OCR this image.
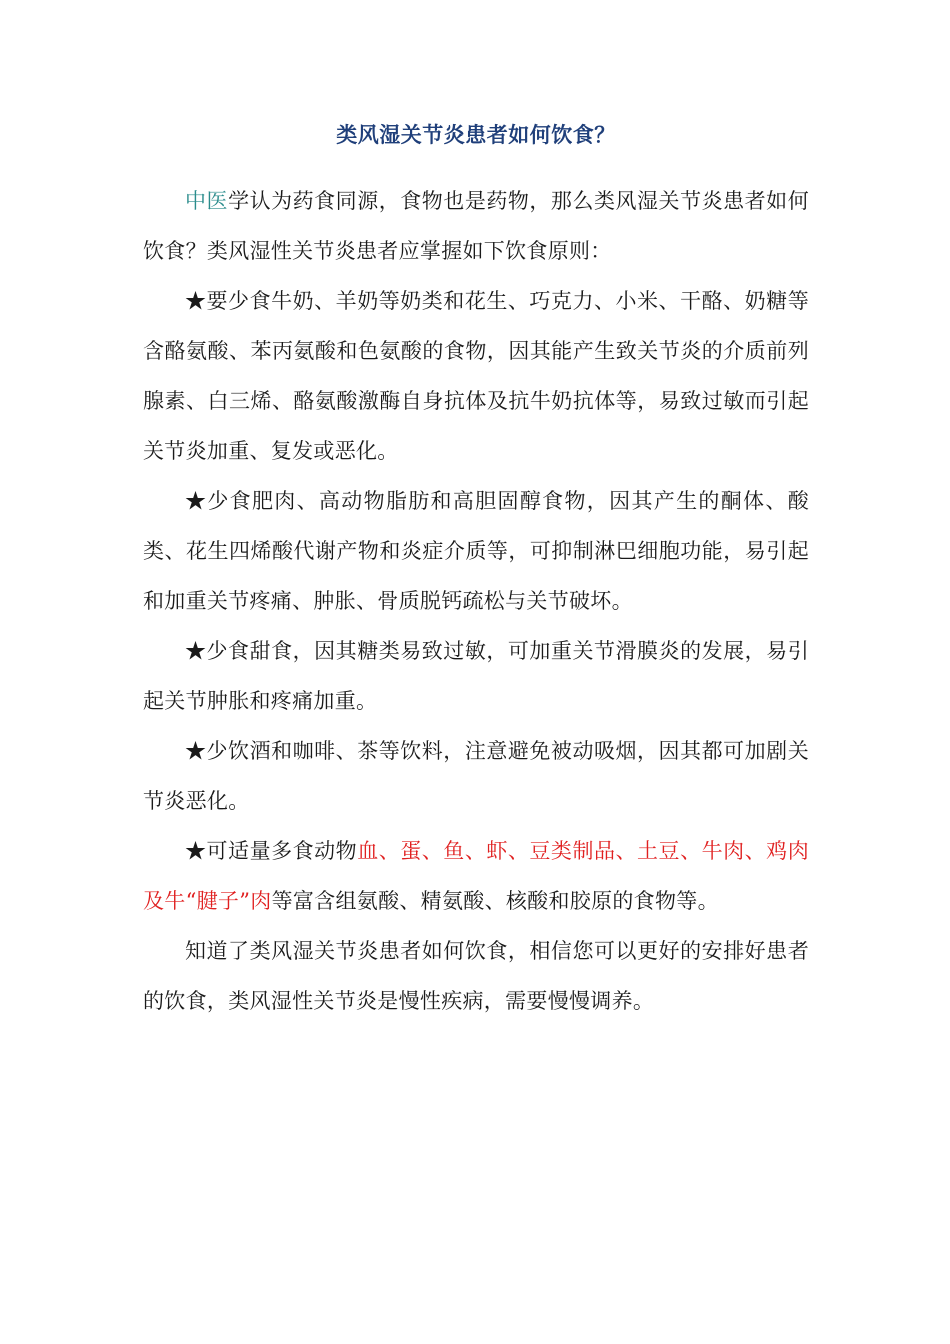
类风湿关节炎患者如何饮食？

中医学认为药食同源，食物也是药物，那么类风湿关节炎患者如何饮食？类风湿性关节炎患者应掌握如下饮食原则：

★要少食牛奶、羊奶等奶类和花生、巧克力、小米、干酪、奶糖等含酪氨酸、苯丙氨酸和色氨酸的食物，因其能产生致关节炎的介质前列腺素、白三烯、酪氨酸激酶自身抗体及抗牛奶抗体等，易致过敏而引起关节炎加重、复发或恶化。

★少食肥肉、高动物脂肪和高胆固醇食物，因其产生的酮体、酸类、花生四烯酸代谢产物和炎症介质等，可抑制淋巴细胞功能，易引起和加重关节疼痛、肿胀、骨质脱钙疏松与关节破坏。

★少食甜食，因其糖类易致过敏，可加重关节滑膜炎的发展，易引起关节肿胀和疼痛加重。

★少饮酒和咖啡、茶等饮料，注意避免被动吸烟，因其都可加剧关节炎恶化。

★可适量多食动物血、蛋、鱼、虾、豆类制品、土豆、牛肉、鸡肉及牛“腱子”肉等富含组氨酸、精氨酸、核酸和胶原的食物等。

知道了类风湿关节炎患者如何饮食，相信您可以更好的安排好患者的饮食，类风湿性关节炎是慢性疾病，需要慢慢调养。
